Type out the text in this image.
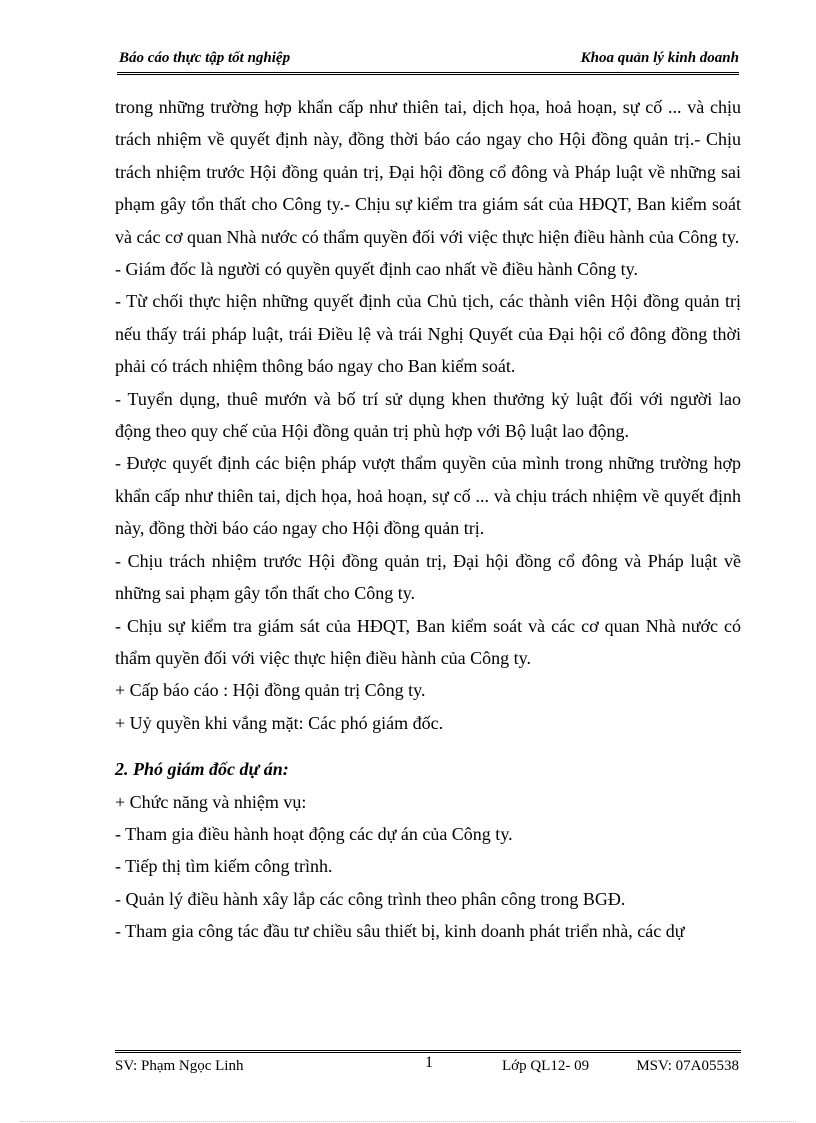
Báo cáo thực tập tốt nghiệp	Khoa quản lý kinh doanh

trong những trường hợp khẩn cấp như thiên tai, dịch họa, hoả hoạn, sự cố ... và chịu trách nhiệm về quyết định này, đồng thời báo cáo ngay cho Hội đồng quản trị.- Chịu trách nhiệm trước Hội đồng quản trị, Đại hội đồng cổ đông và Pháp luật về những sai phạm gây tổn thất cho Công ty.- Chịu sự kiểm tra giám sát của HĐQT, Ban kiểm soát và các cơ quan Nhà nước có thẩm quyền đối với việc thực hiện điều hành của Công ty.

- Giám đốc là người có quyền quyết định cao nhất về điều hành Công ty.

- Từ chối thực hiện những quyết định của Chủ tịch, các thành viên Hội đồng quản trị nếu thấy trái pháp luật, trái Điều lệ và trái Nghị Quyết của Đại hội cổ đông đồng thời phải có trách nhiệm thông báo ngay cho Ban kiểm soát.

- Tuyển dụng, thuê mướn và bố trí sử dụng khen thưởng kỷ luật đối với người lao động theo quy chế của Hội đồng quản trị phù hợp với Bộ luật lao động.

- Được quyết định các biện pháp vượt thẩm quyền của mình trong những trường hợp khẩn cấp như thiên tai, dịch họa, hoả hoạn, sự cố ... và chịu trách nhiệm về quyết định này, đồng thời báo cáo ngay cho Hội đồng quản trị.

- Chịu trách nhiệm trước Hội đồng quản trị, Đại hội đồng cổ đông và Pháp luật về những sai phạm gây tổn thất cho Công ty.

- Chịu sự kiểm tra giám sát của HĐQT, Ban kiểm soát và các cơ quan Nhà nước có thẩm quyền đối với việc thực hiện điều hành của Công ty.

+ Cấp báo cáo : Hội đồng quản trị Công ty.

+ Uỷ quyền khi vắng mặt: Các phó giám đốc.

2. Phó giám đốc dự án:

+ Chức năng và nhiệm vụ:

- Tham gia điều hành hoạt động các dự án của Công ty.

- Tiếp thị tìm kiếm công trình.

- Quản lý điều hành xây lắp các công trình theo phân công trong BGĐ.

- Tham gia công tác đầu tư chiều sâu thiết bị, kinh doanh phát triển nhà, các dự

SV: Phạm Ngọc Linh	1	Lớp QL12- 09	MSV: 07A05538
